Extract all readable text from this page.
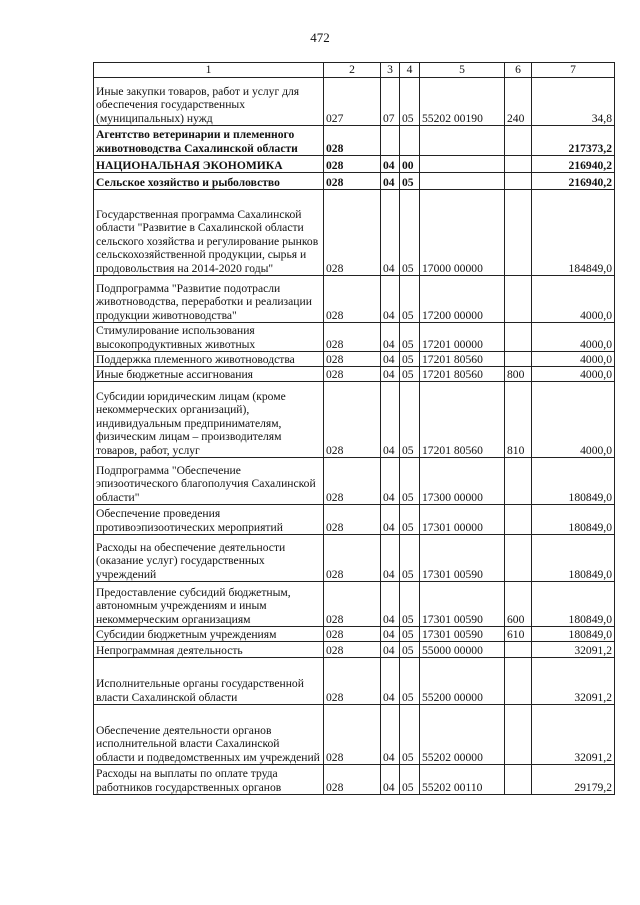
472
1	2	3	4	5	6	7
Иные закупки товаров, работ и услуг для обеспечения государственных (муниципальных) нужд	027	07	05	55202 00190	240	34,8
Агентство ветеринарии и племенного животноводства Сахалинской области	028					217373,2
НАЦИОНАЛЬНАЯ ЭКОНОМИКА	028	04	00			216940,2
Сельское хозяйство и рыболовство	028	04	05			216940,2
Государственная программа Сахалинской области "Развитие в Сахалинской области сельского хозяйства и регулирование рынков сельскохозяйственной продукции, сырья и продовольствия на 2014-2020 годы"	028	04	05	17000 00000		184849,0
Подпрограмма "Развитие подотрасли животноводства, переработки и реализации продукции животноводства"	028	04	05	17200 00000		4000,0
Стимулирование использования высокопродуктивных животных	028	04	05	17201 00000		4000,0
Поддержка племенного животноводства	028	04	05	17201 80560		4000,0
Иные бюджетные ассигнования	028	04	05	17201 80560	800	4000,0
Субсидии юридическим лицам (кроме некоммерческих организаций), индивидуальным предпринимателям, физическим лицам – производителям товаров, работ, услуг	028	04	05	17201 80560	810	4000,0
Подпрограмма "Обеспечение эпизоотического благополучия Сахалинской области"	028	04	05	17300 00000		180849,0
Обеспечение проведения противоэпизоотических мероприятий	028	04	05	17301 00000		180849,0
Расходы на обеспечение деятельности (оказание услуг) государственных учреждений	028	04	05	17301 00590		180849,0
Предоставление субсидий бюджетным, автономным учреждениям и иным некоммерческим организациям	028	04	05	17301 00590	600	180849,0
Субсидии бюджетным учреждениям	028	04	05	17301 00590	610	180849,0
Непрограммная деятельность	028	04	05	55000 00000		32091,2
Исполнительные органы государственной власти Сахалинской области	028	04	05	55200 00000		32091,2
Обеспечение деятельности органов исполнительной власти Сахалинской области и подведомственных им учреждений	028	04	05	55202 00000		32091,2
Расходы на выплаты по оплате труда работников государственных органов	028	04	05	55202 00110		29179,2
